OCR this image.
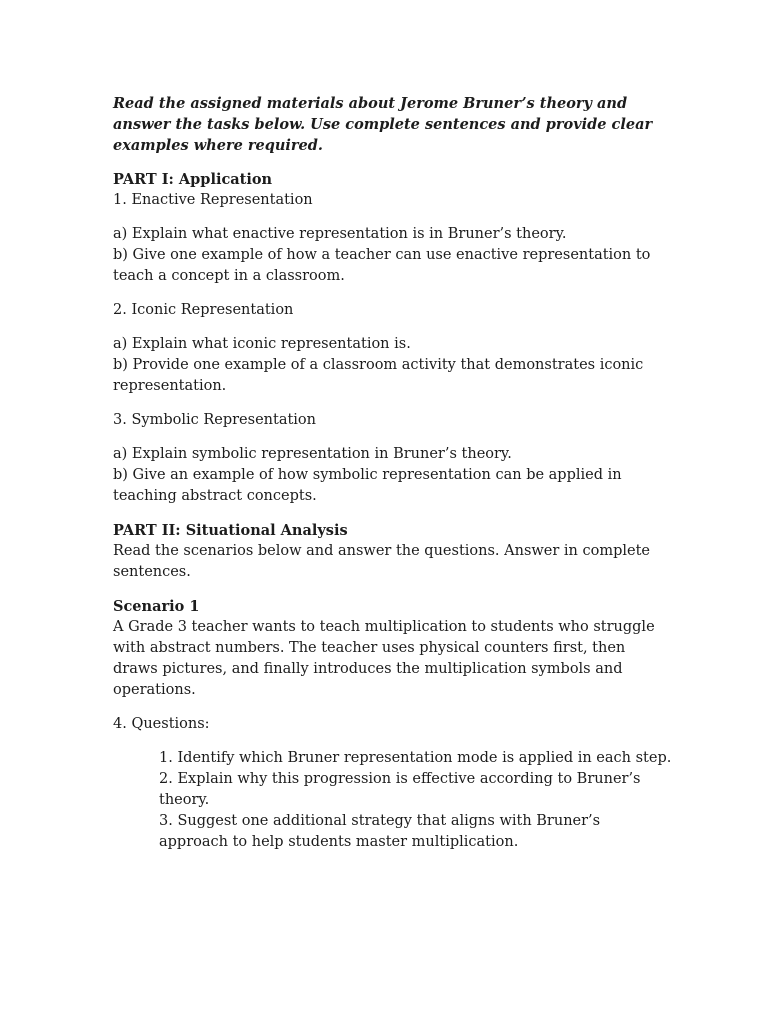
Read the assigned materials about Jerome Bruner’s theory and answer the tasks below. Use complete sentences and provide clear examples where required.

PART I: Application

1. Enactive Representation

a) Explain what enactive representation is in Bruner’s theory.

b) Give one example of how a teacher can use enactive representation to teach a concept in a classroom.

2. Iconic Representation

a) Explain what iconic representation is.

b) Provide one example of a classroom activity that demonstrates iconic representation.

3. Symbolic Representation

a) Explain symbolic representation in Bruner’s theory.

b) Give an example of how symbolic representation can be applied in teaching abstract concepts.

PART II: Situational Analysis

Read the scenarios below and answer the questions. Answer in complete sentences.

Scenario 1

A Grade 3 teacher wants to teach multiplication to students who struggle with abstract numbers. The teacher uses physical counters first, then draws pictures, and finally introduces the multiplication symbols and operations.

4. Questions:

1. Identify which Bruner representation mode is applied in each step.

2. Explain why this progression is effective according to Bruner’s theory.

3. Suggest one additional strategy that aligns with Bruner’s approach to help students master multiplication.
